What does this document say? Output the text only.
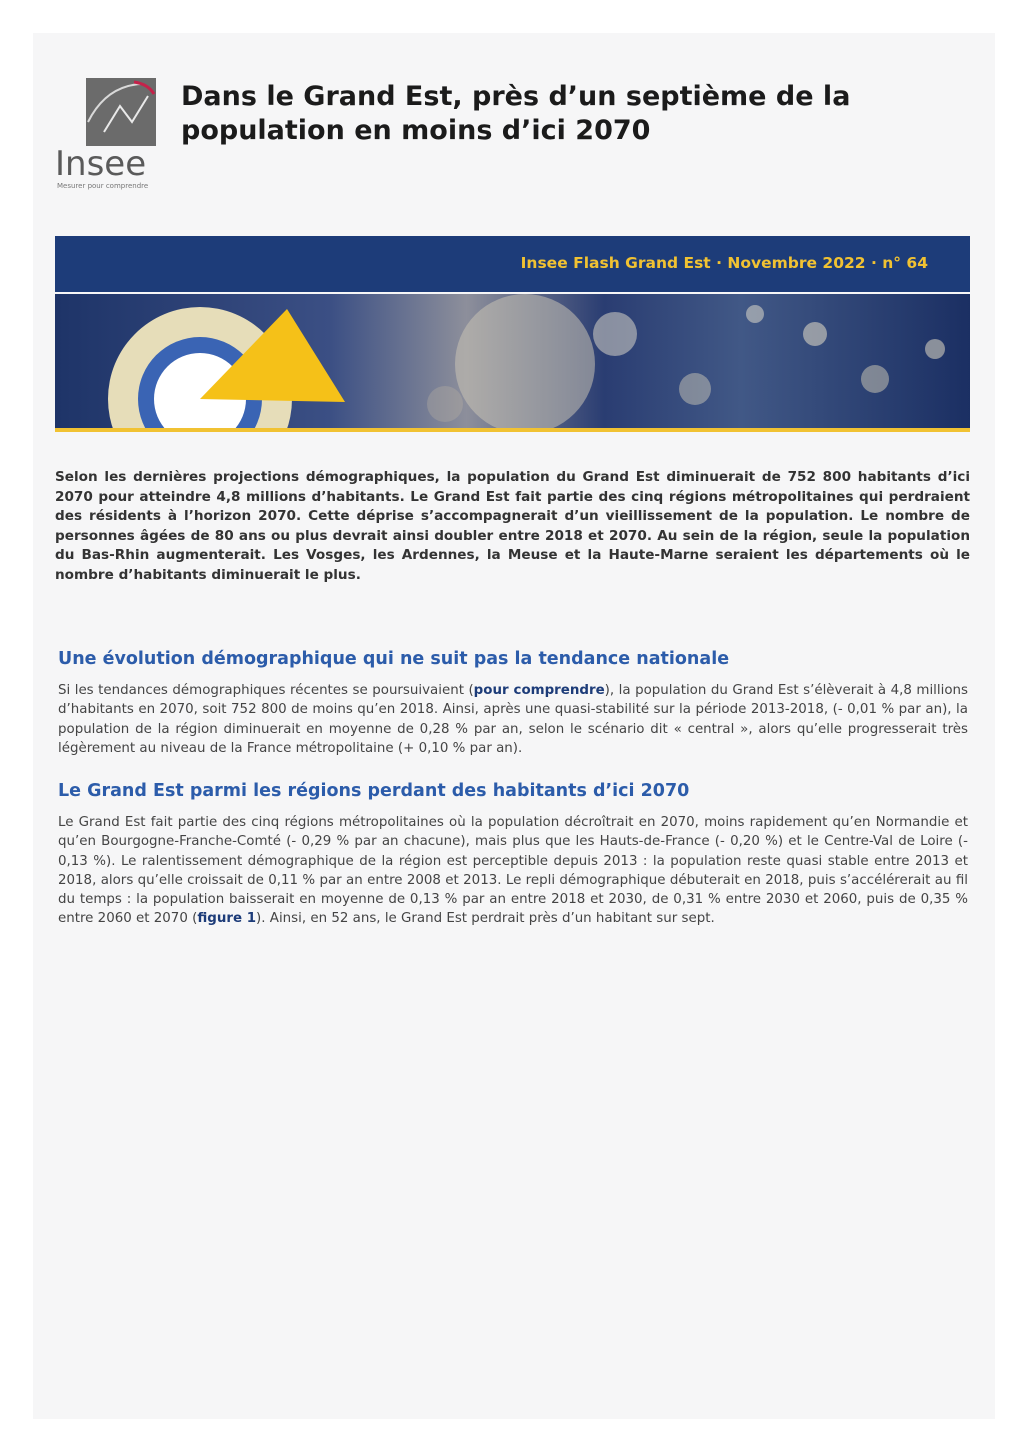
Insee
Mesurer pour comprendre
Dans le Grand Est, près d’un septième de la population en moins d’ici 2070
Insee Flash Grand Est · Novembre 2022 · n° 64

Selon les dernières projections démographiques, la population du Grand Est diminuerait de 752 800 habitants d’ici 2070 pour atteindre 4,8 millions d’habitants. Le Grand Est fait partie des cinq régions métropolitaines qui perdraient des résidents à l’horizon 2070. Cette déprise s’accompagnerait d’un vieillissement de la population. Le nombre de personnes âgées de 80 ans ou plus devrait ainsi doubler entre 2018 et 2070. Au sein de la région, seule la population du Bas-Rhin augmenterait. Les Vosges, les Ardennes, la Meuse et la Haute-Marne seraient les départements où le nombre d’habitants diminuerait le plus.

Une évolution démographique qui ne suit pas la tendance nationale

Si les tendances démographiques récentes se poursuivaient (pour comprendre), la population du Grand Est s’élèverait à 4,8 millions d’habitants en 2070, soit 752 800 de moins qu’en 2018. Ainsi, après une quasi-stabilité sur la période 2013-2018, (- 0,01 % par an), la population de la région diminuerait en moyenne de 0,28 % par an, selon le scénario dit « central », alors qu’elle progresserait très légèrement au niveau de la France métropolitaine (+ 0,10 % par an).

Le Grand Est parmi les régions perdant des habitants d’ici 2070

Le Grand Est fait partie des cinq régions métropolitaines où la population décroîtrait en 2070, moins rapidement qu’en Normandie et qu’en Bourgogne-Franche-Comté (- 0,29 % par an chacune), mais plus que les Hauts-de-France (- 0,20 %) et le Centre-Val de Loire (- 0,13 %). Le ralentissement démographique de la région est perceptible depuis 2013 : la population reste quasi stable entre 2013 et 2018, alors qu’elle croissait de 0,11 % par an entre 2008 et 2013. Le repli démographique débuterait en 2018, puis s’accélérerait au fil du temps : la population baisserait en moyenne de 0,13 % par an entre 2018 et 2030, de 0,31 % entre 2030 et 2060, puis de 0,35 % entre 2060 et 2070 (figure 1). Ainsi, en 52 ans, le Grand Est perdrait près d’un habitant sur sept.
